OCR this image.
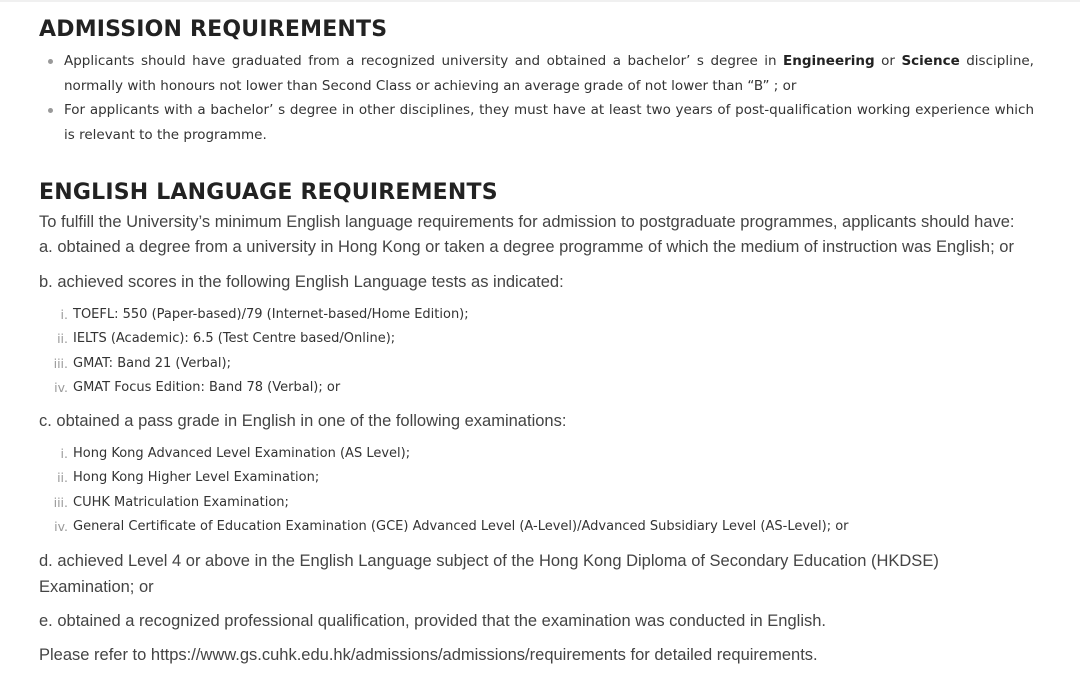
ADMISSION REQUIREMENTS
Applicants should have graduated from a recognized university and obtained a bachelor’ s degree in Engineering or Science discipline, normally with honours not lower than Second Class or achieving an average grade of not lower than “B” ; or
For applicants with a bachelor’ s degree in other disciplines, they must have at least two years of post-qualification working experience which is relevant to the programme.
ENGLISH LANGUAGE REQUIREMENTS

To fulfill the University’s minimum English language requirements for admission to postgraduate programmes, applicants should have:

a. obtained a degree from a university in Hong Kong or taken a degree programme of which the medium of instruction was English; or

b. achieved scores in the following English Language tests as indicated:

i. TOEFL: 550 (Paper-based)/79 (Internet-based/Home Edition);
ii. IELTS (Academic): 6.5 (Test Centre based/Online);
iii. GMAT: Band 21 (Verbal);
iv. GMAT Focus Edition: Band 78 (Verbal); or

c. obtained a pass grade in English in one of the following examinations:

i. Hong Kong Advanced Level Examination (AS Level);
ii. Hong Kong Higher Level Examination;
iii. CUHK Matriculation Examination;
iv. General Certificate of Education Examination (GCE) Advanced Level (A-Level)/Advanced Subsidiary Level (AS-Level); or

d. achieved Level 4 or above in the English Language subject of the Hong Kong Diploma of Secondary Education (HKDSE) Examination; or

e. obtained a recognized professional qualification, provided that the examination was conducted in English.

Please refer to https://www.gs.cuhk.edu.hk/admissions/admissions/requirements for detailed requirements.
